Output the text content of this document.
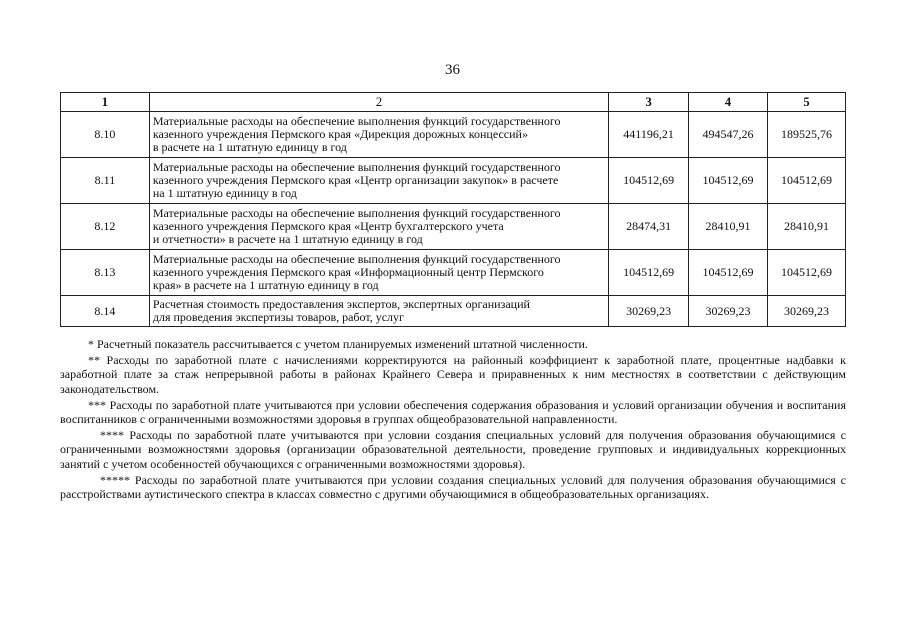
36
1	2	3	4	5
8.10	Материальные расходы на обеспечение выполнения функций государственного
казенного учреждения Пермского края «Дирекция дорожных концессий»
в расчете на 1 штатную единицу в год	441196,21	494547,26	189525,76
8.11	Материальные расходы на обеспечение выполнения функций государственного
казенного учреждения Пермского края «Центр организации закупок» в расчете
на 1 штатную единицу в год	104512,69	104512,69	104512,69
8.12	Материальные расходы на обеспечение выполнения функций государственного
казенного учреждения Пермского края «Центр бухгалтерского учета
и отчетности» в расчете на 1 штатную единицу в год	28474,31	28410,91	28410,91
8.13	Материальные расходы на обеспечение выполнения функций государственного
казенного учреждения Пермского края «Информационный центр Пермского
края» в расчете на 1 штатную единицу в год	104512,69	104512,69	104512,69
8.14	Расчетная стоимость предоставления экспертов, экспертных организаций
для проведения экспертизы товаров, работ, услуг	30269,23	30269,23	30269,23

* Расчетный показатель рассчитывается с учетом планируемых изменений штатной численности.

** Расходы по заработной плате с начислениями корректируются на районный коэффициент к заработной плате, процентные надбавки к заработной плате за стаж непрерывной работы в районах Крайнего Севера и приравненных к ним местностях в соответствии с действующим законодательством.

*** Расходы по заработной плате учитываются при условии обеспечения содержания образования и условий организации обучения и воспитания воспитанников с ограниченными возможностями здоровья в группах общеобразовательной направленности.

**** Расходы по заработной плате учитываются при условии создания специальных условий для получения образования обучающимися с ограниченными возможностями здоровья (организации образовательной деятельности, проведение групповых и индивидуальных коррекционных занятий с учетом особенностей обучающихся с ограниченными возможностями здоровья).

***** Расходы по заработной плате учитываются при условии создания специальных условий для получения образования обучающимися с расстройствами аутистического спектра в классах совместно с другими обучающимися в общеобразовательных организациях.
